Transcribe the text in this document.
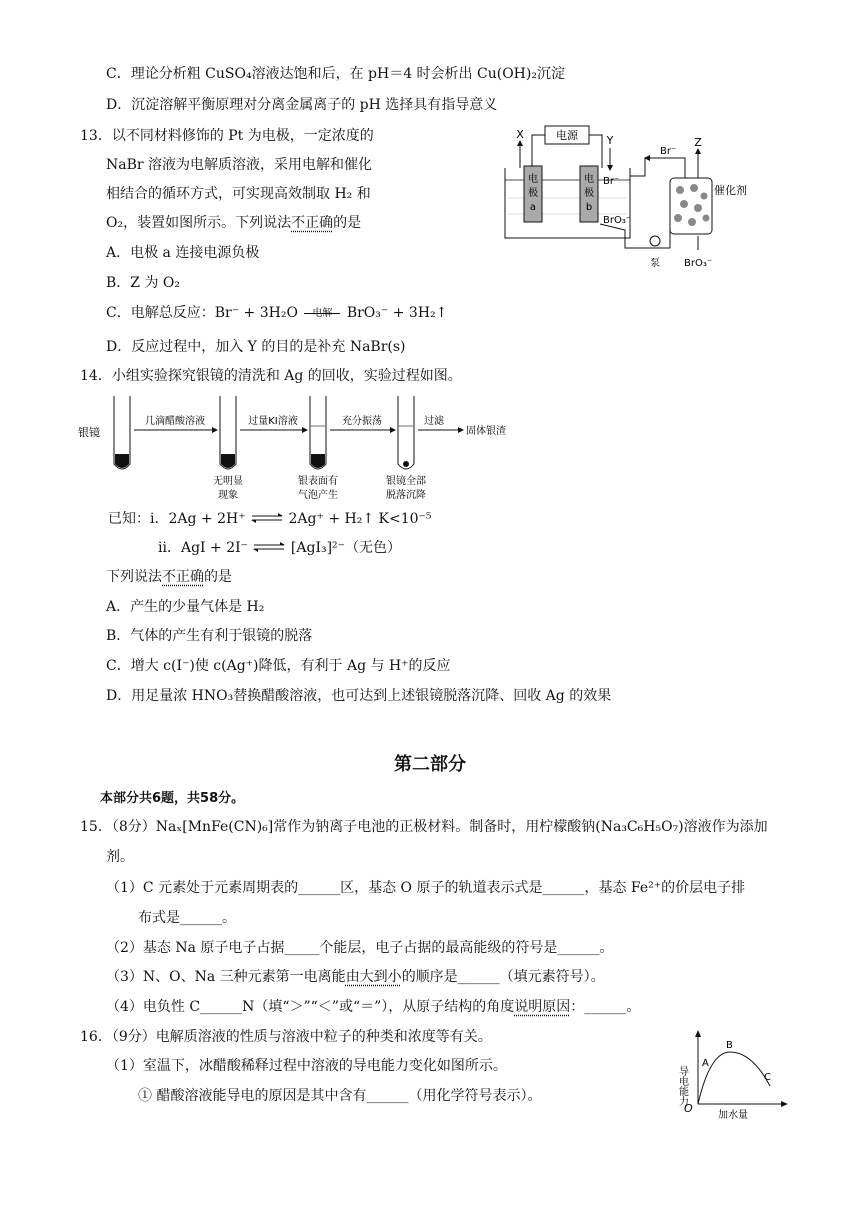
C．理论分析粗 CuSO₄溶液达饱和后，在 pH＝4 时会析出 Cu(OH)₂沉淀
D．沉淀溶解平衡原理对分离金属离子的 pH 选择具有指导意义
13．以不同材料修饰的 Pt 为电极，一定浓度的
NaBr 溶液为电解质溶液，采用电解和催化
相结合的循环方式，可实现高效制取 H₂ 和
O₂，装置如图所示。下列说法不正确的是
A．电极 a 连接电源负极
B．Z 为 O₂
C．电解总反应：Br⁻ + 3H₂O 电解 BrO₃⁻ + 3H₂↑
D．反应过程中，加入 Y 的目的是补充 NaBr(s)
电源
X	Y
电
极
a
电
极
b
Br⁻
BrO₃⁻
Br⁻
Z
催化剂
泵 BrO₃⁻
14．小组实验探究银镜的清洗和 Ag 的回收，实验过程如图。
银镜
几滴醋酸溶液
无明显
现象
过量KI溶液
银表面有
气泡产生
充分振荡
银镜全部
脱落沉降
过滤
固体银渣
已知：ⅰ．2Ag + 2H⁺ ⇌ 2Ag⁺ + H₂↑ K<10⁻⁵
ⅱ．AgI + 2I⁻ ⇌ [AgI₃]²⁻（无色）
下列说法不正确的是
A．产生的少量气体是 H₂
B．气体的产生有利于银镜的脱落
C．增大 c(I⁻)使 c(Ag⁺)降低，有利于 Ag 与 H⁺的反应
D．用足量浓 HNO₃替换醋酸溶液，也可达到上述银镜脱落沉降、回收 Ag 的效果
第二部分
本部分共6题，共58分。
15．（8分）Naₓ[MnFe(CN)₆]常作为钠离子电池的正极材料。制备时，用柠檬酸钠(Na₃C₆H₅O₇)溶液作为添加
剂。
（1）C 元素处于元素周期表的______区，基态 O 原子的轨道表示式是______，基态 Fe²⁺的价层电子排
布式是______。
（2）基态 Na 原子电子占据_____个能层，电子占据的最高能级的符号是______。
（3）N、O、Na 三种元素第一电离能由大到小的顺序是______（填元素符号）。
（4）电负性 C______N（填“＞”“＜”或“＝”），从原子结构的角度说明原因：______。
16．（9分）电解质溶液的性质与溶液中粒子的种类和浓度等有关。
（1）室温下，冰醋酸稀释过程中溶液的导电能力变化如图所示。
① 醋酸溶液能导电的原因是其中含有______（用化学符号表示）。	导电能力
加水量
O
A
B
C
